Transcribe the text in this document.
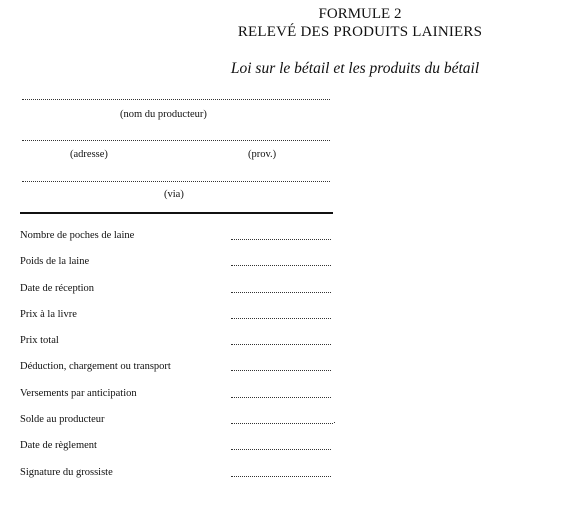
FORMULE 2
RELEVÉ DES PRODUITS LAINIERS
Loi sur le bétail et les produits du bétail
(nom du producteur)
(adresse)	(prov.)
(via)
Nombre de poches de laine
Poids de la laine
Date de réception
Prix à la livre
Prix total
Déduction, chargement ou transport
Versements par anticipation
Solde au producteur
Date de règlement
Signature du grossiste
